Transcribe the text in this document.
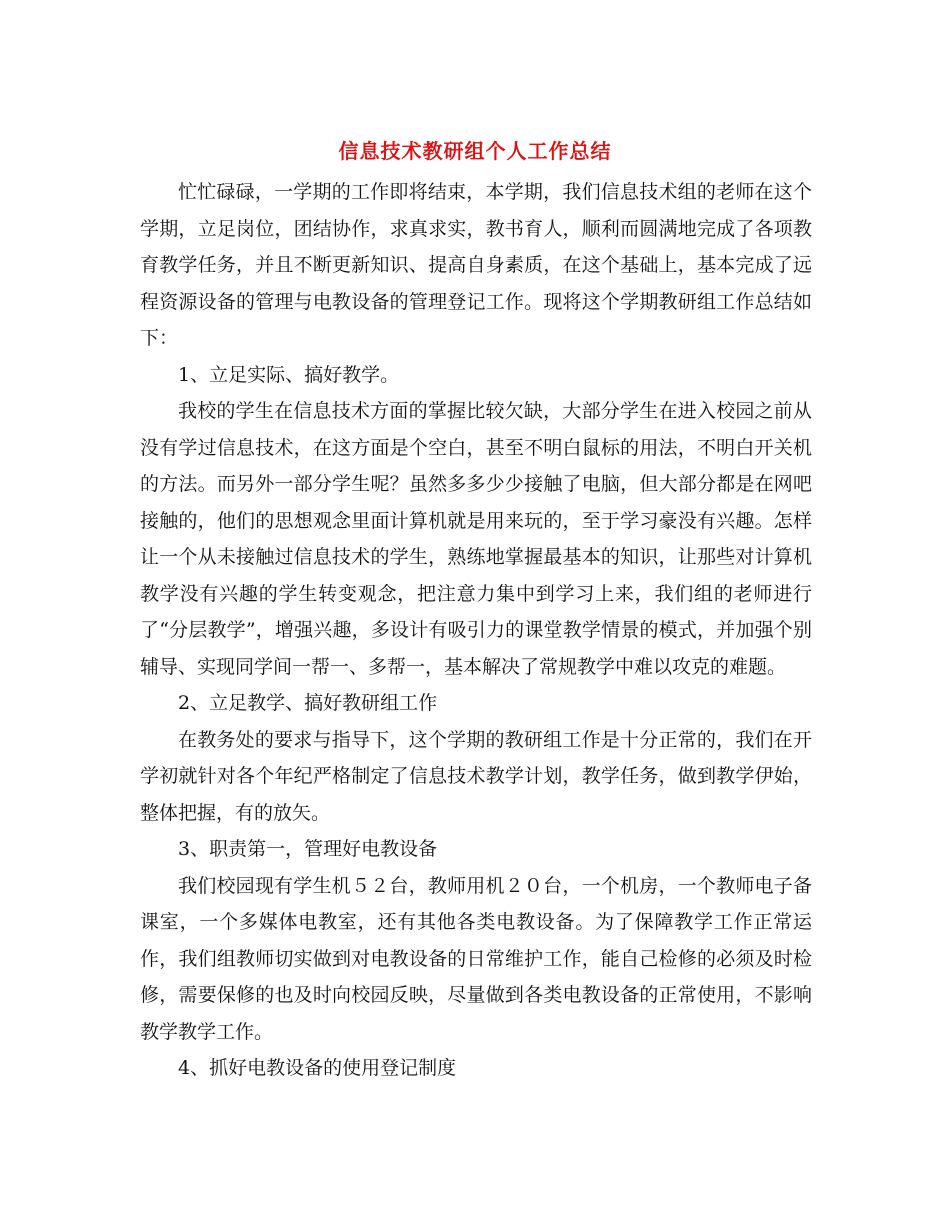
信息技术教研组个人工作总结

忙忙碌碌，一学期的工作即将结束，本学期，我们信息技术组的老师在这个学期，立足岗位，团结协作，求真求实，教书育人，顺利而圆满地完成了各项教育教学任务，并且不断更新知识、提高自身素质，在这个基础上，基本完成了远程资源设备的管理与电教设备的管理登记工作。现将这个学期教研组工作总结如下：

1、立足实际、搞好教学。

我校的学生在信息技术方面的掌握比较欠缺，大部分学生在进入校园之前从没有学过信息技术，在这方面是个空白，甚至不明白鼠标的用法，不明白开关机的方法。而另外一部分学生呢？虽然多多少少接触了电脑，但大部分都是在网吧接触的，他们的思想观念里面计算机就是用来玩的，至于学习豪没有兴趣。怎样让一个从未接触过信息技术的学生，熟练地掌握最基本的知识，让那些对计算机教学没有兴趣的学生转变观念，把注意力集中到学习上来，我们组的老师进行了“分层教学”，增强兴趣，多设计有吸引力的课堂教学情景的模式，并加强个别辅导、实现同学间一帮一、多帮一，基本解决了常规教学中难以攻克的难题。

2、立足教学、搞好教研组工作

在教务处的要求与指导下，这个学期的教研组工作是十分正常的，我们在开学初就针对各个年纪严格制定了信息技术教学计划，教学任务，做到教学伊始，整体把握，有的放矢。

3、职责第一，管理好电教设备

我们校园现有学生机５２台，教师用机２０台，一个机房，一个教师电子备课室，一个多媒体电教室，还有其他各类电教设备。为了保障教学工作正常运作，我们组教师切实做到对电教设备的日常维护工作，能自己检修的必须及时检修，需要保修的也及时向校园反映，尽量做到各类电教设备的正常使用，不影响教学教学工作。

4、抓好电教设备的使用登记制度
